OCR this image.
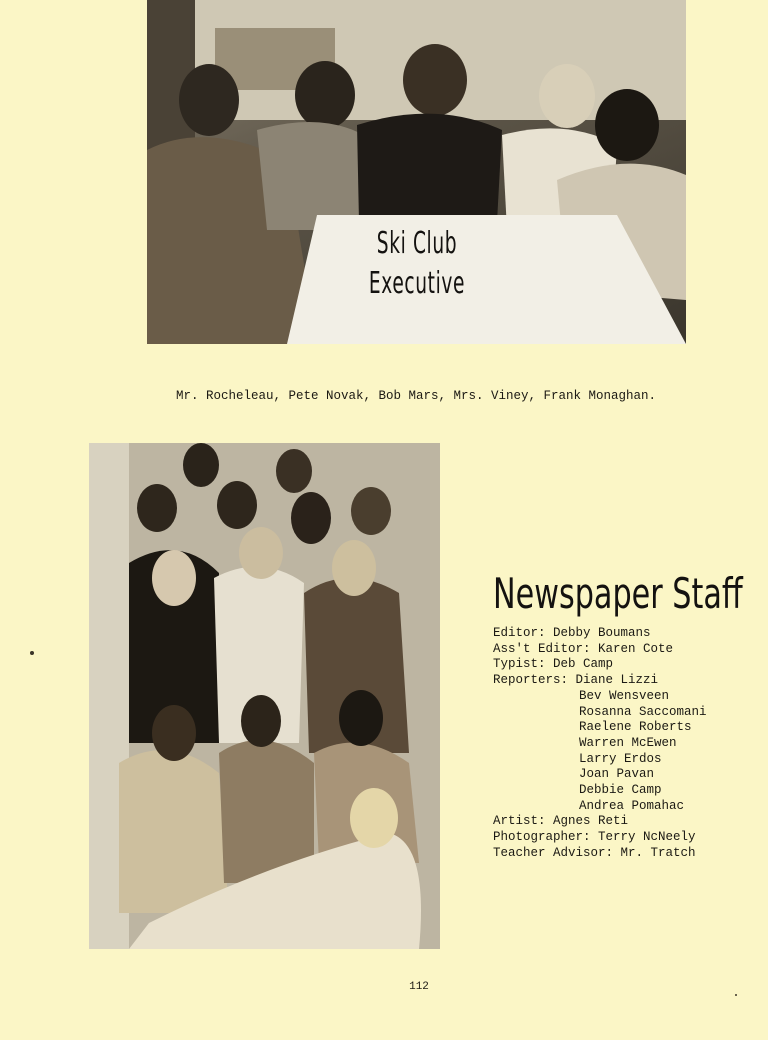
Ski Club
Executive
Mr. Rocheleau, Pete Novak, Bob Mars, Mrs. Viney, Frank Monaghan.
Newspaper Staff
Editor: Debby Boumans
Ass't Editor: Karen Cote
Typist: Deb Camp
Reporters: Diane Lizzi
Bev Wensveen
Rosanna Saccomani
Raelene Roberts
Warren McEwen
Larry Erdos
Joan Pavan
Debbie Camp
Andrea Pomahac
Artist: Agnes Reti
Photographer: Terry NcNeely
Teacher Advisor: Mr. Tratch
112
